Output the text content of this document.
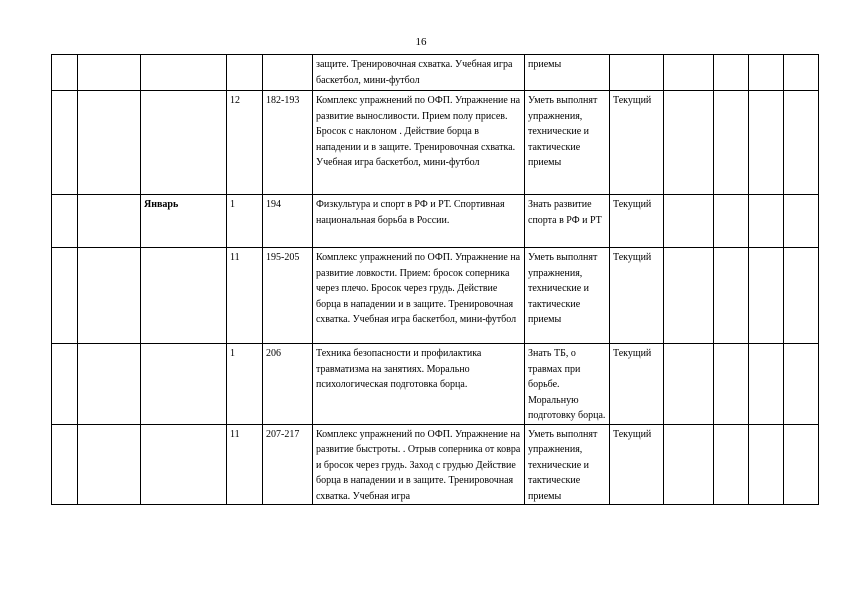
16
					защите. Тренировочная схватка. Учебная игра баскетбол, мини-футбол	приемы					
			12	182-193	Комплекс упражнений по ОФП. Упражнение на развитие выносливости. Прием полу присев. Бросок с наклоном . Действие борца в нападении и в защите. Тренировочная схватка. Учебная игра баскетбол, мини-футбол	Уметь выполнят упражнения, технические и тактические приемы	Текущий				
		Январь	1	194	Физкультура и спорт в РФ и РТ. Спортивная национальная борьба в России.	Знать развитие спорта в РФ и РТ	Текущий				
			11	195-205	Комплекс упражнений по ОФП. Упражнение на развитие ловкости. Прием: бросок соперника через плечо. Бросок через грудь. Действие борца в нападении и в защите. Тренировочная схватка. Учебная игра баскетбол, мини-футбол	Уметь выполнят упражнения, технические и тактические приемы	Текущий				
			1	206	Техника безопасности и профилактика травматизма на занятиях. Морально психологическая подготовка борца.	Знать ТБ, о травмах при борьбе. Моральную подготовку борца.	Текущий				
			11	207-217	Комплекс упражнений по ОФП. Упражнение на развитие быстроты. . Отрыв соперника от ковра и бросок через грудь. Заход с грудью Действие борца в нападении и в защите. Тренировочная схватка. Учебная игра	Уметь выполнят упражнения, технические и тактические приемы	Текущий				
